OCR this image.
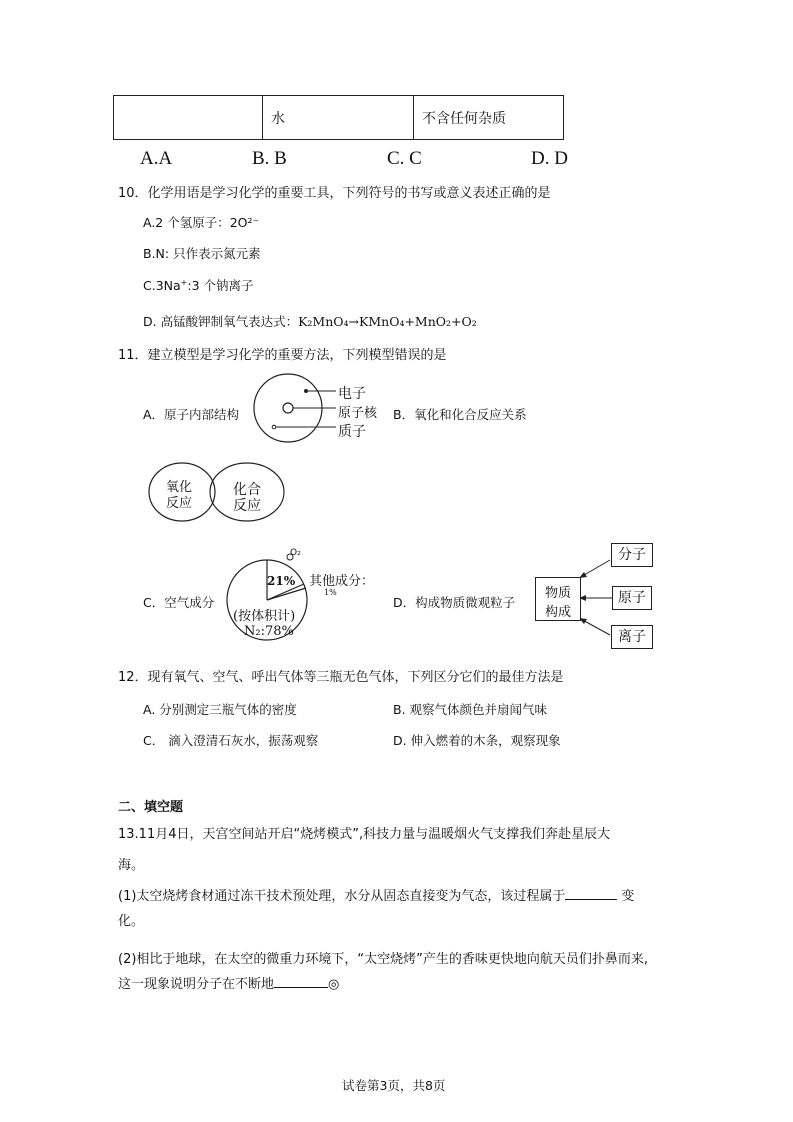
	水	不含任何杂质
A.A	B. B	C. C	D. D
10．化学用语是学习化学的重要工具，下列符号的书写或意义表述正确的是
A.2 个氢原子：2O²⁻
B.N: 只作表示氮元素
C.3Na+:3 个钠离子
D. 高锰酸钾制氧气表达式：K₂MnO₄→KMnO₄+MnO₂+O₂
11．建立模型是学习化学的重要方法，下列模型错误的是
A．原子内部结构
电子
原子核
质子
B．氧化和化合反应关系
氧化
反应
化合
反应
C．空气成分
O₂
21% 其他成分：
1%
(按体积计)
N₂:78%
D．构成物质微观粒子
物质
构成
分子
原子
离子
12．现有氧气、空气、呼出气体等三瓶无色气体，下列区分它们的最佳方法是
A. 分别测定三瓶气体的密度	B. 观察气体颜色并扇闻气味
C． 滴入澄清石灰水，振荡观察	D. 伸入燃着的木条，观察现象
二、填空题
13.11月4日，天宫空间站开启“烧烤模式”,科技力量与温暖烟火气支撑我们奔赴星辰大
海。
(1)太空烧烤食材通过冻干技术预处理，水分从固态直接变为气态，该过程属于	变
化。
(2)相比于地球，在太空的微重力环境下，“太空烧烤”产生的香味更快地向航天员们扑鼻而来,
这一现象说明分子在不断地	◎
试卷第3页，共8页
